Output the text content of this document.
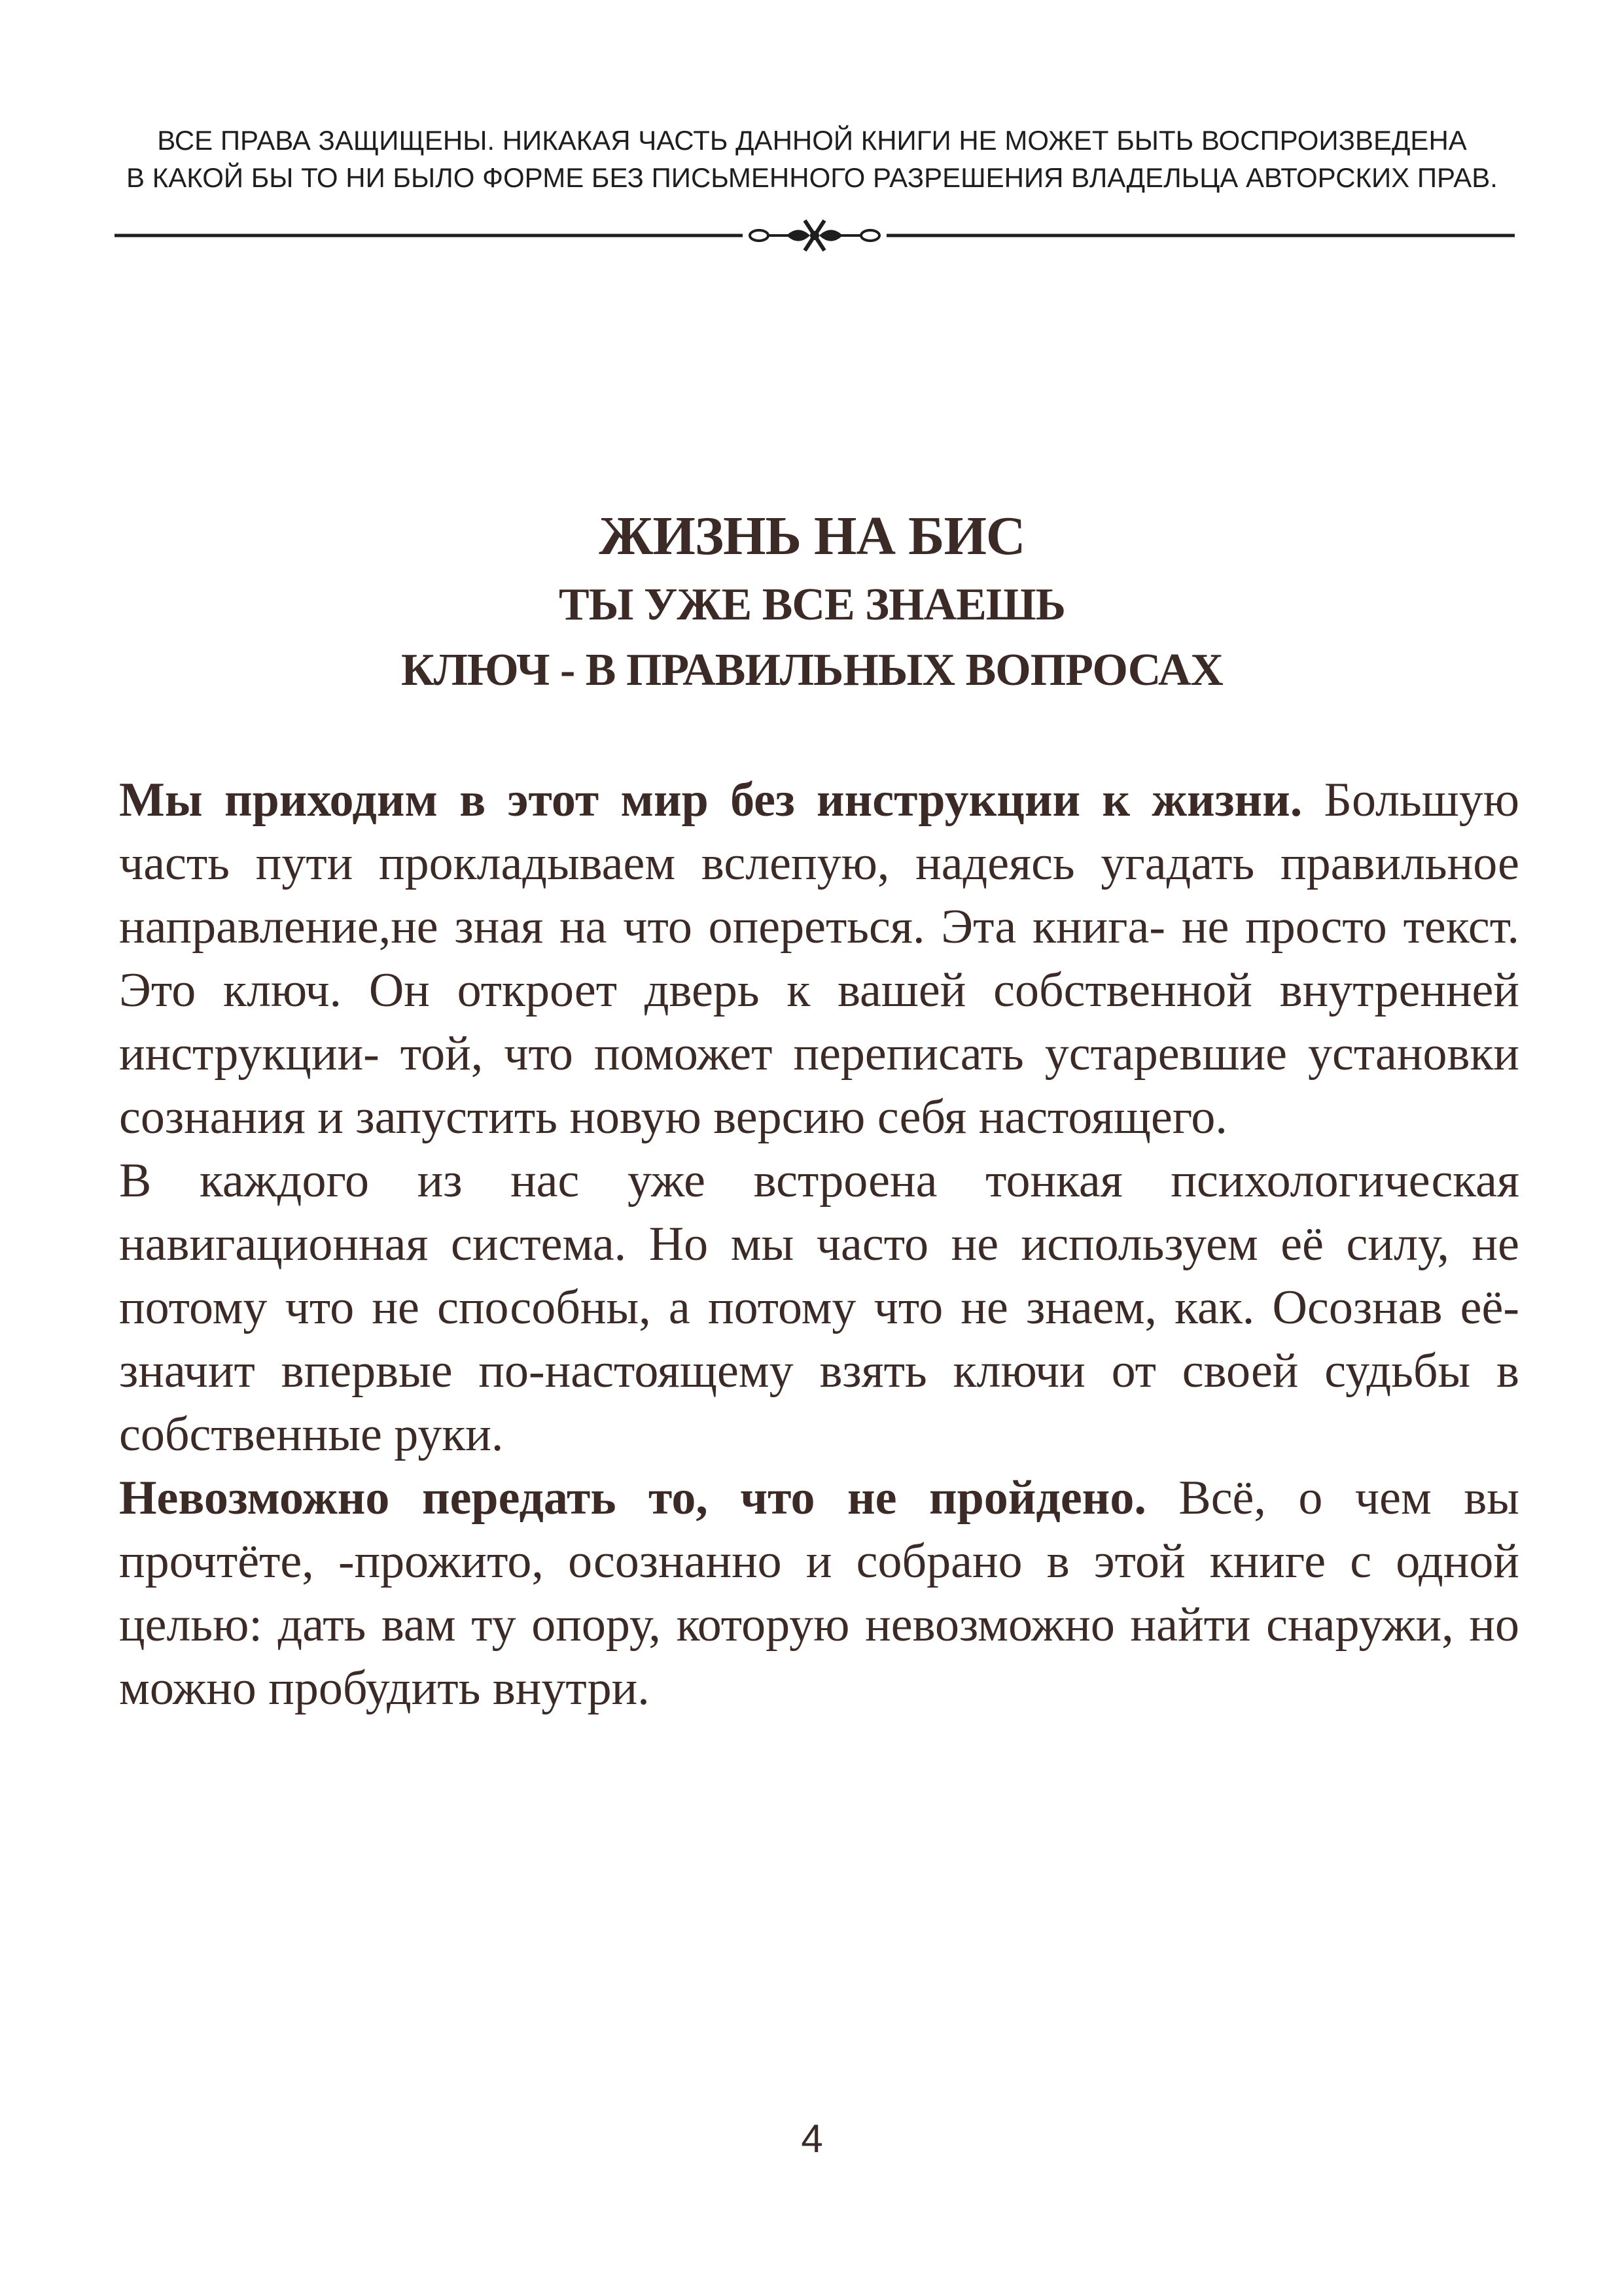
ВСЕ ПРАВА ЗАЩИЩЕНЫ. НИКАКАЯ ЧАСТЬ ДАННОЙ КНИГИ НЕ МОЖЕТ БЫТЬ ВОСПРОИЗВЕДЕНА
В КАКОЙ БЫ ТО НИ БЫЛО ФОРМЕ БЕЗ ПИСЬМЕННОГО РАЗРЕШЕНИЯ ВЛАДЕЛЬЦА АВТОРСКИХ ПРАВ.
ЖИЗНЬ НА БИС
ТЫ УЖЕ ВСЕ ЗНАЕШЬ
КЛЮЧ - В ПРАВИЛЬНЫХ ВОПРОСАХ

Мы приходим в этот мир без инструкции к жизни. Большую часть пути прокладываем вслепую, надеясь угадать правильное направление,не зная на что опереться. Эта книга- не просто текст. Это ключ. Он откроет дверь к вашей собственной внутренней инструкции- той, что поможет переписать устаревшие установки сознания и запустить новую версию себя настоящего.

В каждого из нас уже встроена тонкая психологическая навигационная система. Но мы часто не используем её силу, не потому что не способны, а потому что не знаем, как. Осознав её- значит впервые по-настоящему взять ключи от своей судьбы в собственные руки.

Невозможно передать то, что не пройдено. Всё, о чем вы прочтёте, -прожито, осознанно и собрано в этой книге с одной целью: дать вам ту опору, которую невозможно найти снаружи, но можно пробудить внутри.

4
